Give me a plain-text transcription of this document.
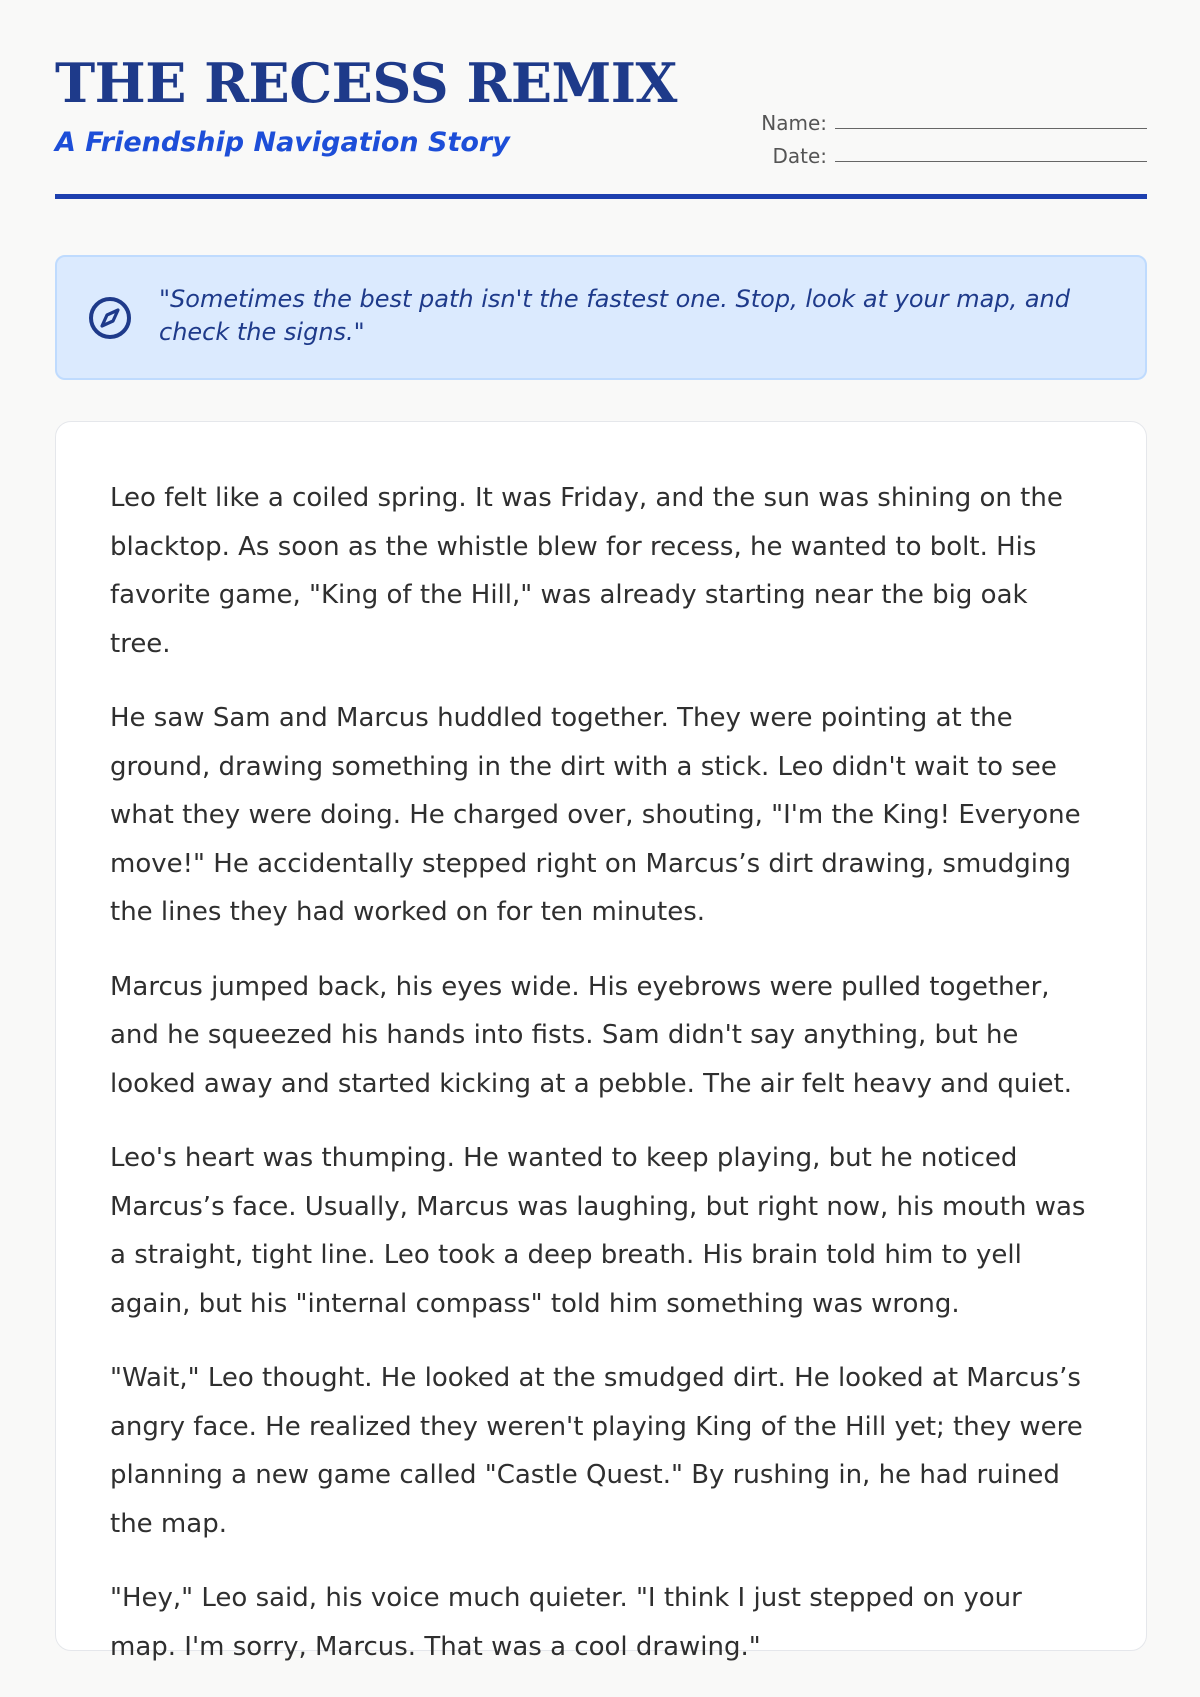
THE RECESS REMIX
A Friendship Navigation Story
Name:
Date:

"Sometimes the best path isn't the fastest one. Stop, look at your map, and check the signs."

Leo felt like a coiled spring. It was Friday, and the sun was shining on the blacktop. As soon as the whistle blew for recess, he wanted to bolt. His favorite game, "King of the Hill," was already starting near the big oak tree.

He saw Sam and Marcus huddled together. They were pointing at the ground, drawing something in the dirt with a stick. Leo didn't wait to see what they were doing. He charged over, shouting, "I'm the King! Everyone move!" He accidentally stepped right on Marcus’s dirt drawing, smudging the lines they had worked on for ten minutes.

Marcus jumped back, his eyes wide. His eyebrows were pulled together, and he squeezed his hands into fists. Sam didn't say anything, but he looked away and started kicking at a pebble. The air felt heavy and quiet.

Leo's heart was thumping. He wanted to keep playing, but he noticed Marcus’s face. Usually, Marcus was laughing, but right now, his mouth was a straight, tight line. Leo took a deep breath. His brain told him to yell again, but his "internal compass" told him something was wrong.

"Wait," Leo thought. He looked at the smudged dirt. He looked at Marcus’s angry face. He realized they weren't playing King of the Hill yet; they were planning a new game called "Castle Quest." By rushing in, he had ruined the map.

"Hey," Leo said, his voice much quieter. "I think I just stepped on your map. I'm sorry, Marcus. That was a cool drawing."
